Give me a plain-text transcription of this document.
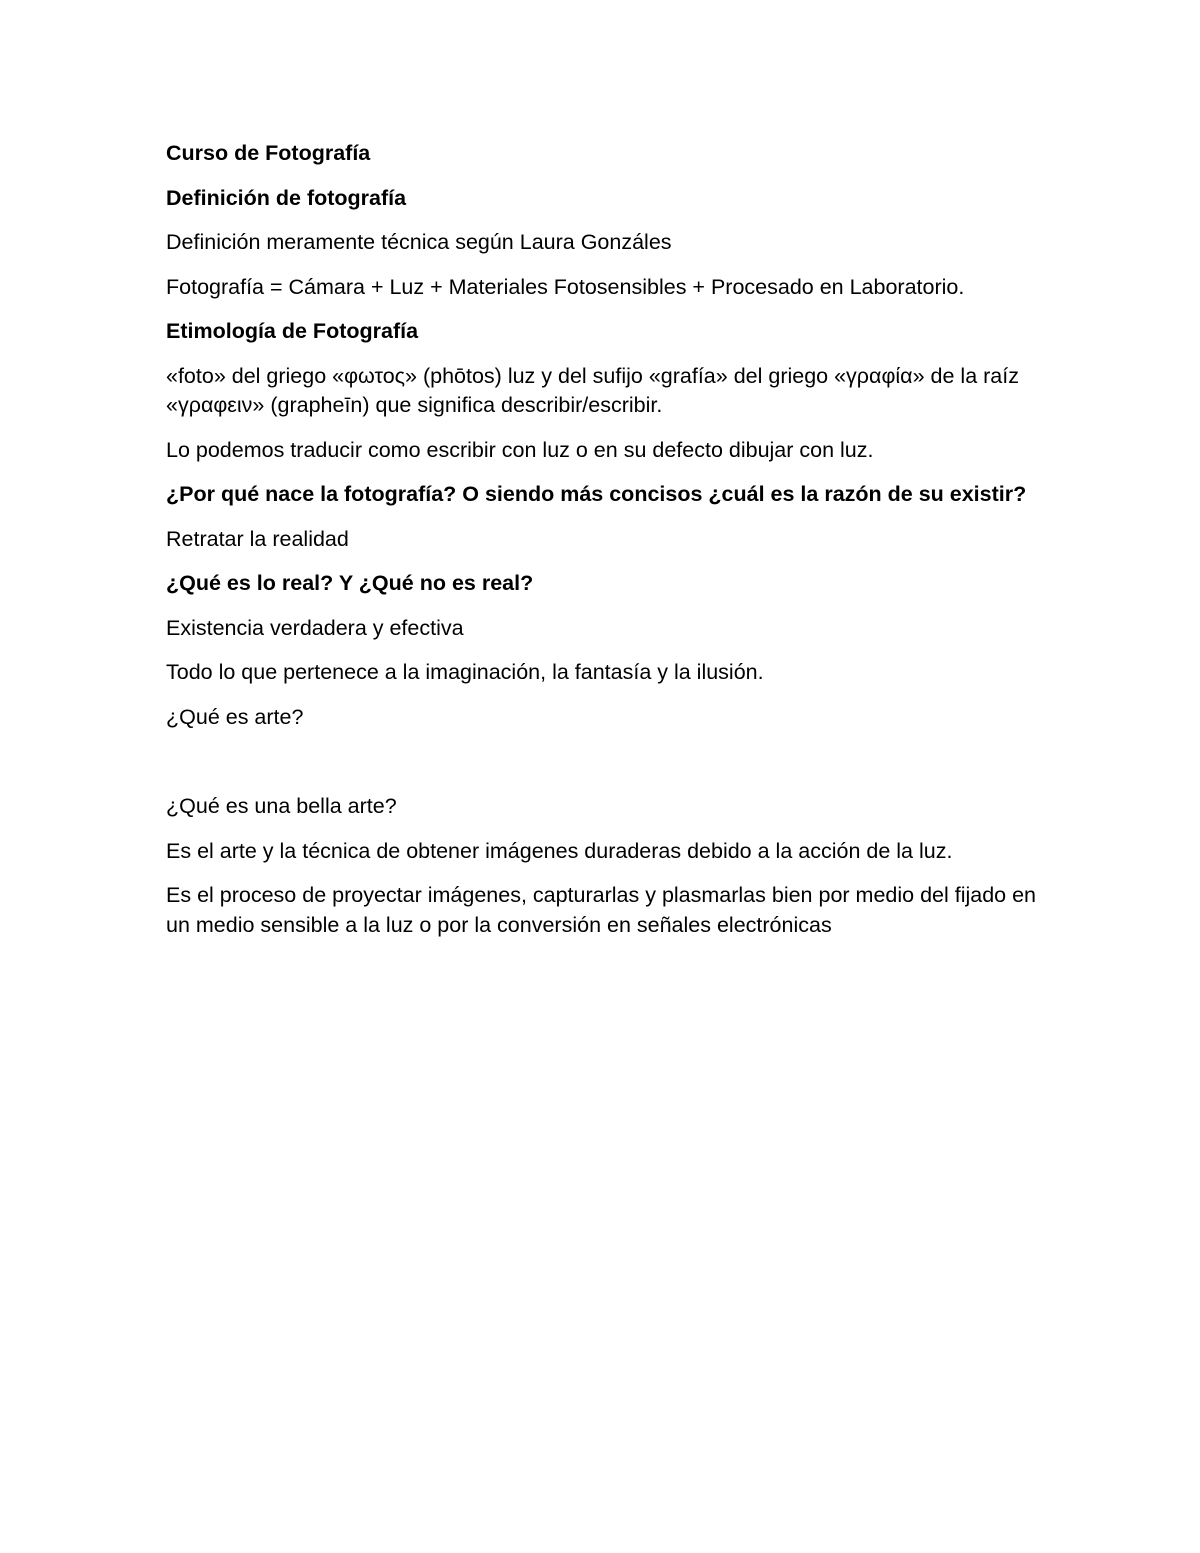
Curso de Fotografía

Definición de fotografía

Definición meramente técnica según Laura Gonzáles

Fotografía = Cámara + Luz + Materiales Fotosensibles + Procesado en Laboratorio.

Etimología de Fotografía

«foto» del griego «φωτος» (phōtos) luz y del sufijo «grafía» del griego «γραφία» de la raíz «γραφειν» (grapheīn) que significa describir/escribir.

Lo podemos traducir como escribir con luz o en su defecto dibujar con luz.

¿Por qué nace la fotografía? O siendo más concisos ¿cuál es la razón de su existir?

Retratar la realidad

¿Qué es lo real? Y ¿Qué no es real?

Existencia verdadera y efectiva

Todo lo que pertenece a la imaginación, la fantasía y la ilusión.

¿Qué es arte?

¿Qué es una bella arte?

Es el arte y la técnica de obtener imágenes duraderas debido a la acción de la luz.

Es el proceso de proyectar imágenes, capturarlas y plasmarlas bien por medio del fijado en un medio sensible a la luz o por la conversión en señales electrónicas
